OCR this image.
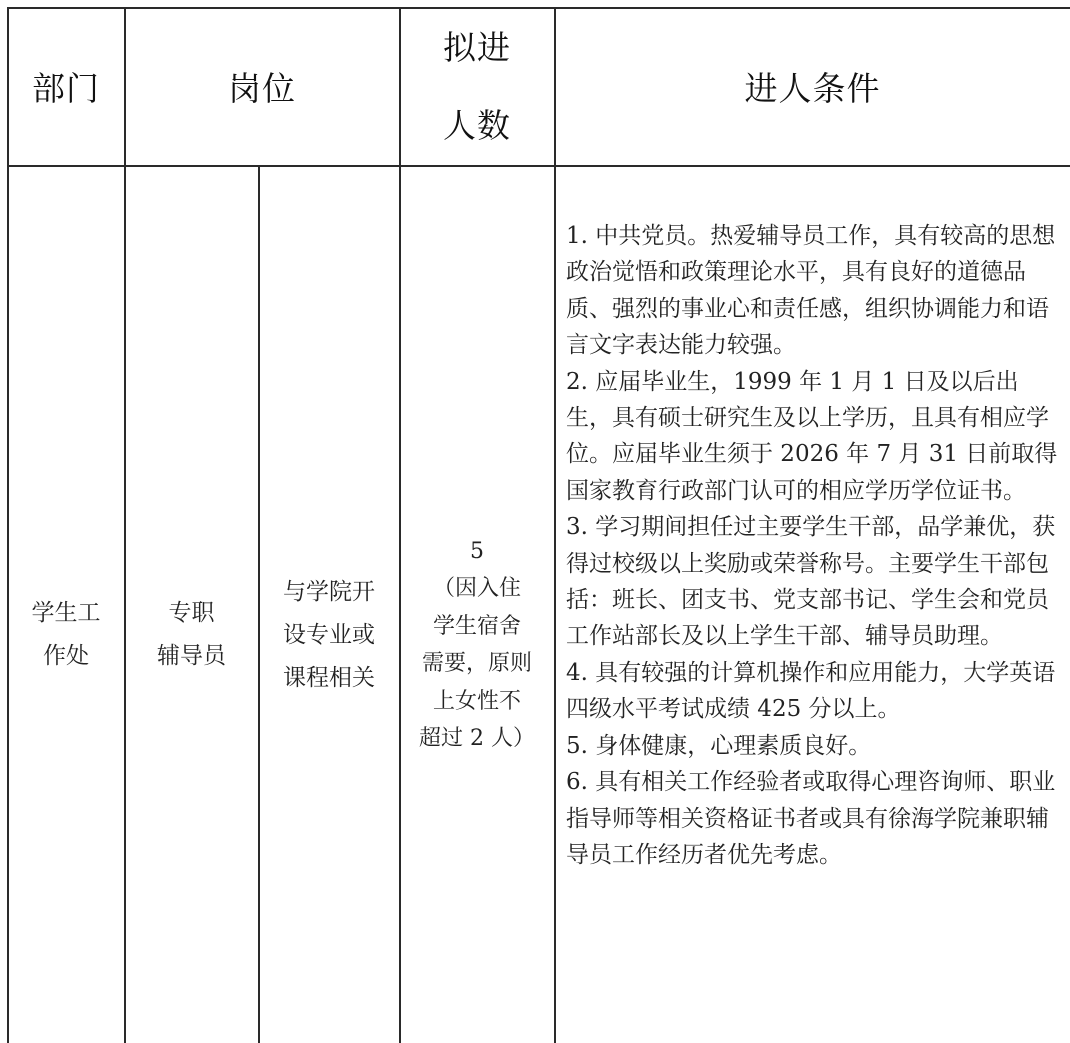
部门	岗位
拟进
人数
进人条件
学生工
作处
专职
辅导员
与学院开
设专业或
课程相关
5
（因入住
学生宿舍
需要，原则
上女性不
超过 2 人）

1. 中共党员。热爱辅导员工作，具有较高的思想政治觉悟和政策理论水平，具有良好的道德品质、强烈的事业心和责任感，组织协调能力和语言文字表达能力较强。

2. 应届毕业生，1999 年 1 月 1 日及以后出生，具有硕士研究生及以上学历，且具有相应学位。应届毕业生须于 2026 年 7 月 31 日前取得国家教育行政部门认可的相应学历学位证书。

3. 学习期间担任过主要学生干部，品学兼优，获得过校级以上奖励或荣誉称号。主要学生干部包括：班长、团支书、党支部书记、学生会和党员工作站部长及以上学生干部、辅导员助理。

4. 具有较强的计算机操作和应用能力，大学英语四级水平考试成绩 425 分以上。

5. 身体健康，心理素质良好。

6. 具有相关工作经验者或取得心理咨询师、职业指导师等相关资格证书者或具有徐海学院兼职辅导员工作经历者优先考虑。
